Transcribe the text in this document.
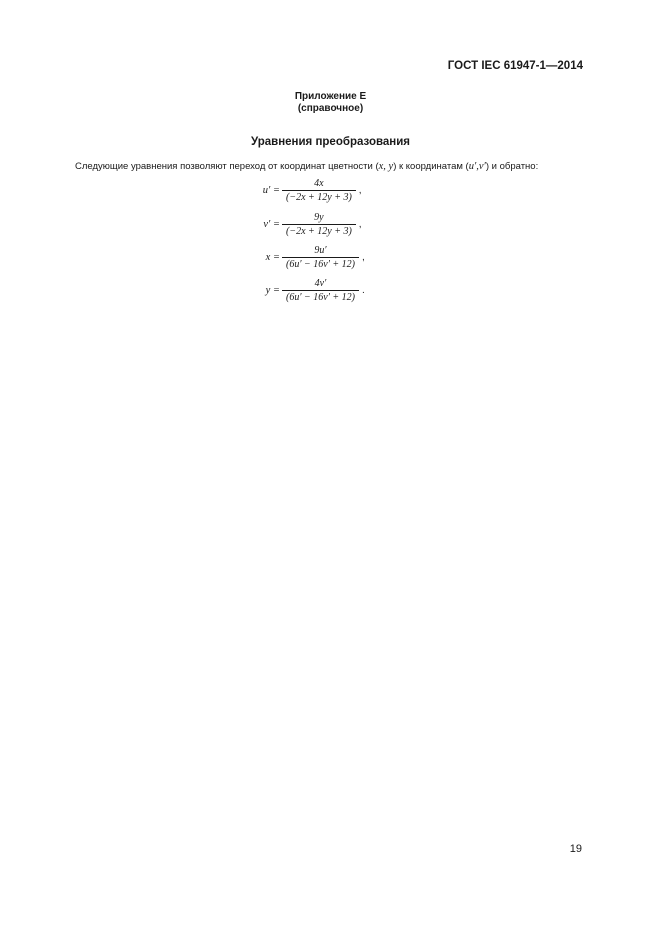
ГОСТ IEC 61947-1—2014
Приложение Е
(справочное)
Уравнения преобразования
Следующие уравнения позволяют переход от координат цветности (x, y) к координатам (u′,v′) и обратно:
$u' = \frac{4x}{(-2x + 12y + 3)}$ ,
$v' = \frac{9y}{(-2x + 12y + 3)}$ ,
$x = \frac{9u'}{(6u' - 16v' + 12)}$ ,
$y = \frac{4v'}{(6u' - 16v' + 12)}$ .
19
